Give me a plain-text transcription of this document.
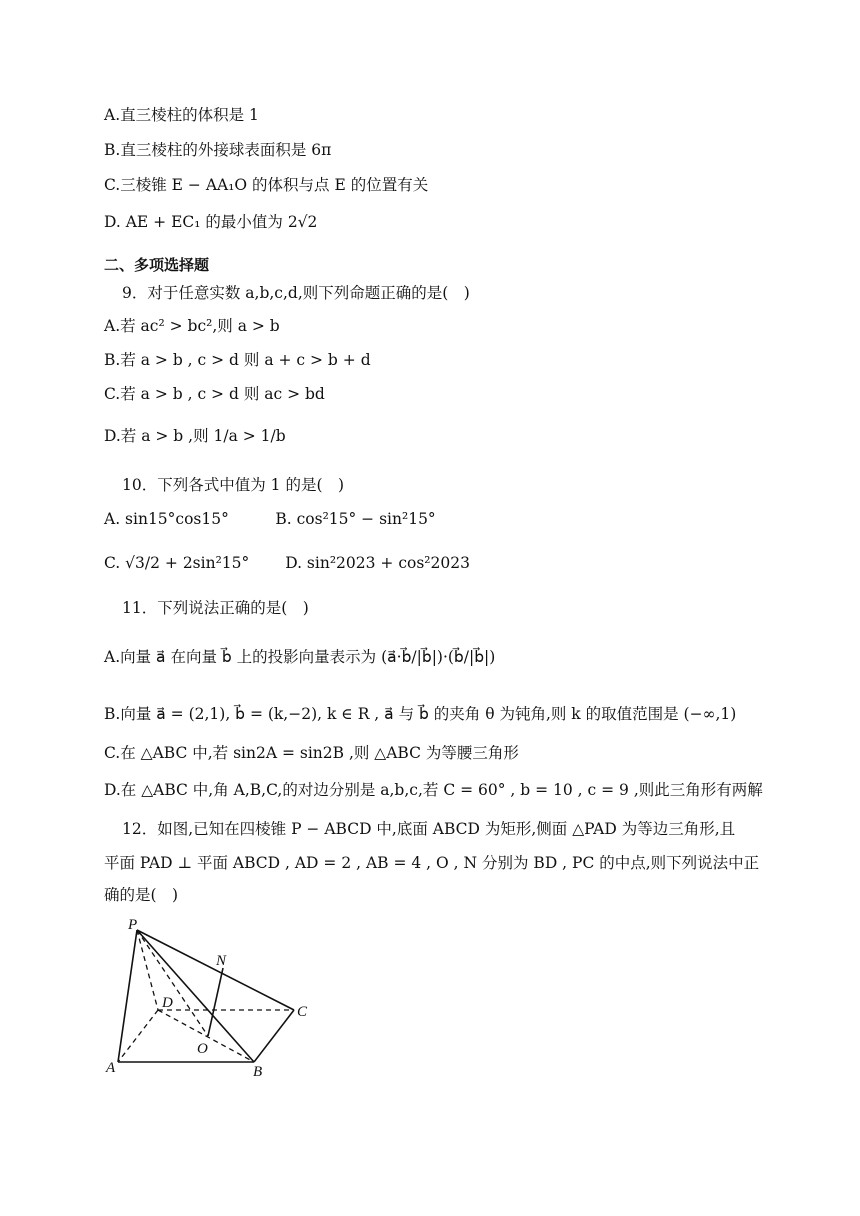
A.直三棱柱的体积是 1
B.直三棱柱的外接球表面积是 6π
C.三棱锥 E − AA₁O 的体积与点 E 的位置有关
D. AE + EC₁ 的最小值为 2√2
二、多项选择题
9．对于任意实数 a,b,c,d,则下列命题正确的是(　)
A.若 ac² > bc²,则 a > b
B.若 a > b , c > d 则 a + c > b + d
C.若 a > b , c > d 则 ac > bd
D.若 a > b ,则 1/a > 1/b
10．下列各式中值为 1 的是(　)
A. sin15°cos15°　　　B. cos²15° − sin²15°
C. √3/2 + 2sin²15°　　 D. sin²2023 + cos²2023
11．下列说法正确的是(　)
A.向量 a⃗ 在向量 b⃗ 上的投影向量表示为 (a⃗·b⃗/|b⃗|)·(b⃗/|b⃗|)
B.向量 a⃗ = (2,1), b⃗ = (k,−2), k ∈ R , a⃗ 与 b⃗ 的夹角 θ 为钝角,则 k 的取值范围是 (−∞,1)
C.在 △ABC 中,若 sin2A = sin2B ,则 △ABC 为等腰三角形
D.在 △ABC 中,角 A,B,C,的对边分别是 a,b,c,若 C = 60° , b = 10 , c = 9 ,则此三角形有两解
12．如图,已知在四棱锥 P − ABCD 中,底面 ABCD 为矩形,侧面 △PAD 为等边三角形,且
平面 PAD ⊥ 平面 ABCD , AD = 2 , AB = 4 , O , N 分别为 BD , PC 的中点,则下列说法中正
确的是(　)
P
N
D
C
O
A	B
